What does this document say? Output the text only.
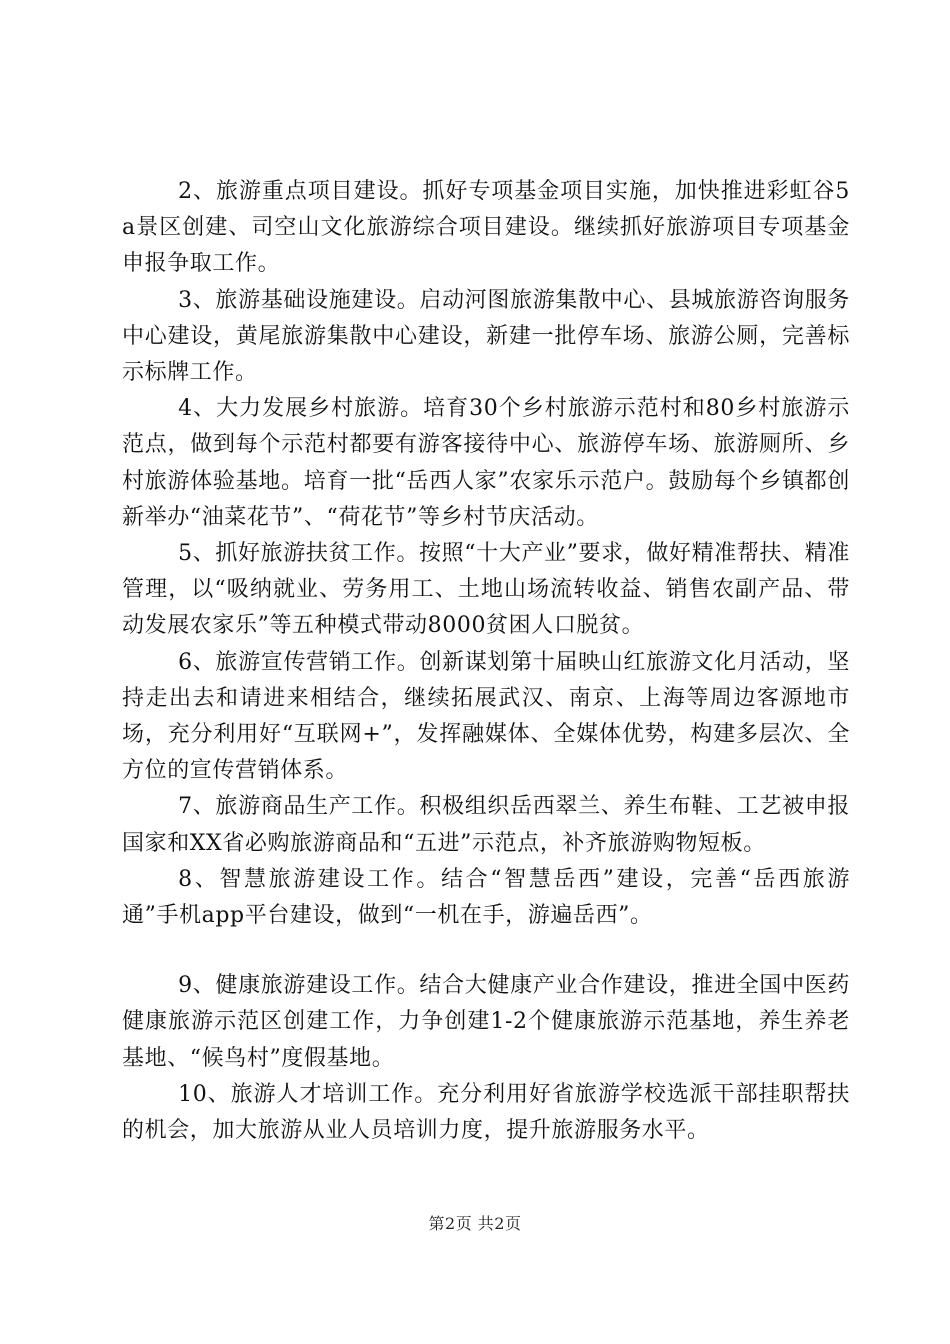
2、旅游重点项目建设。抓好专项基金项目实施，加快推进彩虹谷5a景区创建、司空山文化旅游综合项目建设。继续抓好旅游项目专项基金申报争取工作。

3、旅游基础设施建设。启动河图旅游集散中心、县城旅游咨询服务中心建设，黄尾旅游集散中心建设，新建一批停车场、旅游公厕，完善标示标牌工作。

4、大力发展乡村旅游。培育30个乡村旅游示范村和80乡村旅游示范点，做到每个示范村都要有游客接待中心、旅游停车场、旅游厕所、乡村旅游体验基地。培育一批“岳西人家”农家乐示范户。鼓励每个乡镇都创新举办“油菜花节”、“荷花节”等乡村节庆活动。

5、抓好旅游扶贫工作。按照“十大产业”要求，做好精准帮扶、精准管理，以“吸纳就业、劳务用工、土地山场流转收益、销售农副产品、带动发展农家乐”等五种模式带动8000贫困人口脱贫。

6、旅游宣传营销工作。创新谋划第十届映山红旅游文化月活动，坚持走出去和请进来相结合，继续拓展武汉、南京、上海等周边客源地市场，充分利用好“互联网+”，发挥融媒体、全媒体优势，构建多层次、全方位的宣传营销体系。

7、旅游商品生产工作。积极组织岳西翠兰、养生布鞋、工艺被申报国家和XX省必购旅游商品和“五进”示范点，补齐旅游购物短板。

8、智慧旅游建设工作。结合“智慧岳西”建设，完善“岳西旅游通”手机app平台建设，做到“一机在手，游遍岳西”。

9、健康旅游建设工作。结合大健康产业合作建设，推进全国中医药健康旅游示范区创建工作，力争创建1-2个健康旅游示范基地，养生养老基地、“候鸟村”度假基地。

10、旅游人才培训工作。充分利用好省旅游学校选派干部挂职帮扶的机会，加大旅游从业人员培训力度，提升旅游服务水平。

第2页 共2页
